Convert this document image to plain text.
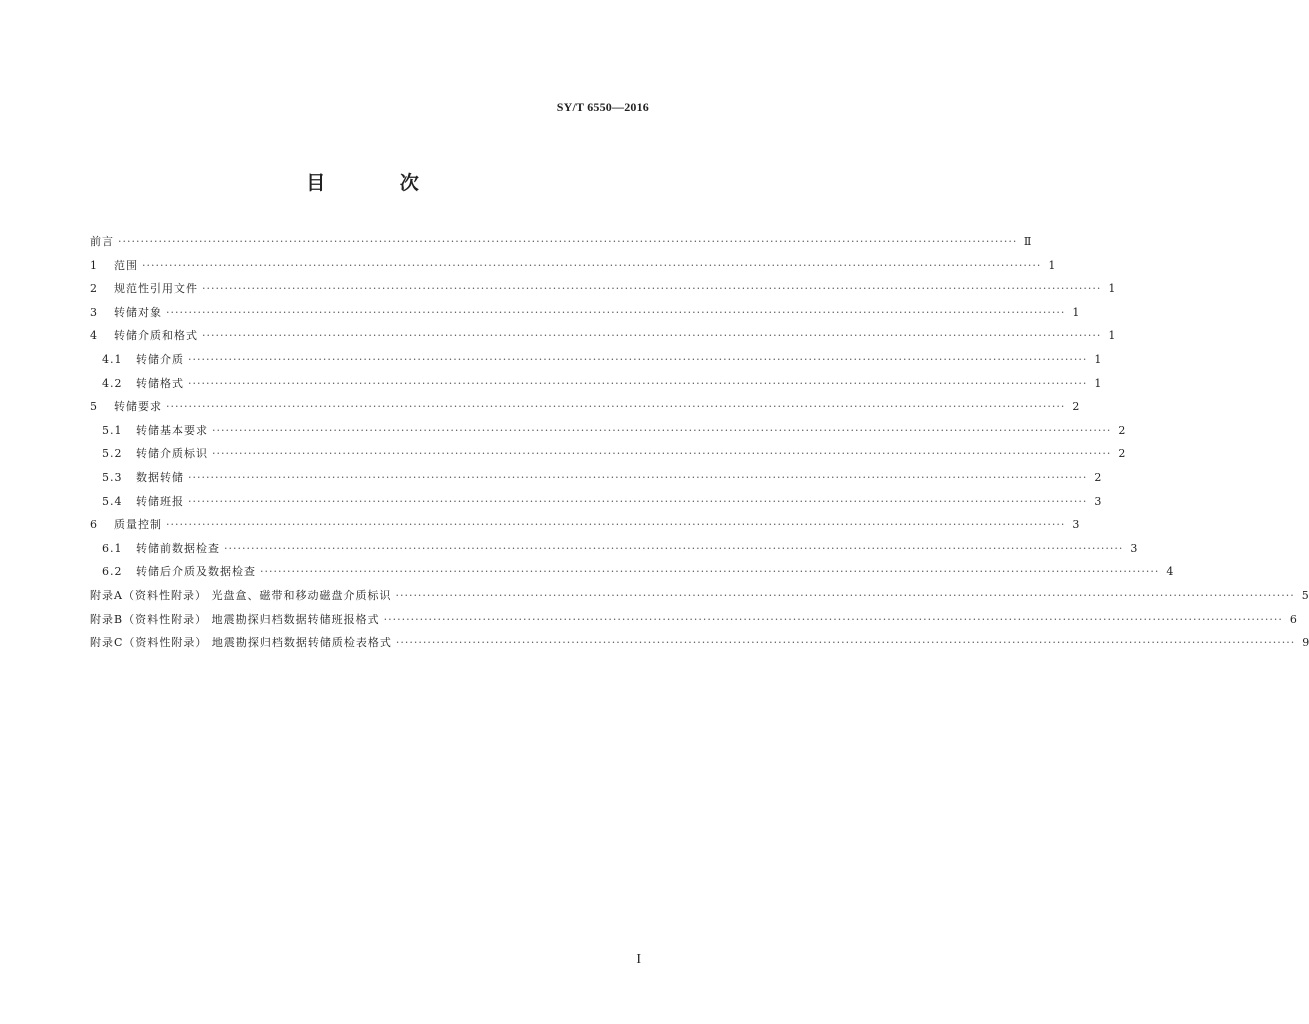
SY/T 6550—2016
目 次
前言 ········································································································································································································ Ⅱ
1	范围 ········································································································································································································ 1
2	规范性引用文件 ········································································································································································································ 1
3	转储对象 ········································································································································································································ 1
4	转储介质和格式 ········································································································································································································ 1
4.1	转储介质 ········································································································································································································ 1
4.2	转储格式 ········································································································································································································ 1
5	转储要求 ········································································································································································································ 2
5.1	转储基本要求 ········································································································································································································ 2
5.2	转储介质标识 ········································································································································································································ 2
5.3	数据转储 ········································································································································································································ 2
5.4	转储班报 ········································································································································································································ 3
6	质量控制 ········································································································································································································ 3
6.1	转储前数据检查 ········································································································································································································ 3
6.2	转储后介质及数据检查 ········································································································································································································ 4
附录A（资料性附录） 光盘盒、磁带和移动磁盘介质标识 ········································································································································································································ 5
附录B（资料性附录） 地震勘探归档数据转储班报格式 ········································································································································································································ 6
附录C（资料性附录） 地震勘探归档数据转储质检表格式 ········································································································································································································ 9
I
